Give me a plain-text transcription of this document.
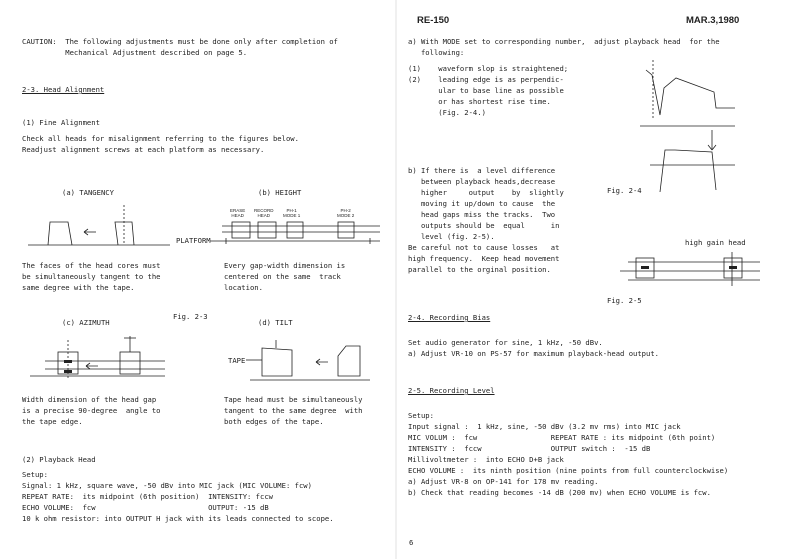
RE-150	MAR.3,1980
6
CAUTION:  The following adjustments must be done only after completion of
Mechanical Adjustment described on page 5.
2-3. Head Alignment
(1) Fine Alignment
Check all heads for misalignment referring to the figures below.
Readjust alignment screws at each platform as necessary.
(a) TANGENCY	(b) HEIGHT
ERASE
HEAD
RECORD
HEAD
PH-1
MODE 1
PH-2
MODE 2
PLATFORM
The faces of the head cores must
be simultaneously tangent to the
same degree with the tape.
Every gap-width dimension is
centered on the same  track
location.
Fig. 2-3
(c) AZIMUTH	(d) TILT
TAPE
Width dimension of the head gap
is a precise 90-degree  angle to
the tape edge.
Tape head must be simultaneously
tangent to the same degree  with
both edges of the tape.
(2) Playback Head
Setup:
Signal: 1 kHz, square wave, -50 dBv into MIC jack (MIC VOLUME: fcw)
REPEAT RATE:  its midpoint (6th position)  INTENSITY: fccw
ECHO VOLUME:  fcw                          OUTPUT: -15 dB
10 k ohm resistor: into OUTPUT H jack with its leads connected to scope.
a) With MODE set to corresponding number,  adjust playback head  for the
following:
(1)    waveform slop is straightened;
(2)    leading edge is as perpendic-
ular to base line as possible
or has shortest rise time.
(Fig. 2-4.)
b) If there is  a level difference
between playback heads,decrease
higher     output    by  slightly
moving it up/down to cause  the
head gaps miss the tracks.  Two
outputs should be  equal      in
level (fig. 2-5).
Be careful not to cause losses   at
high frequency.  Keep head movement
parallel to the orginal position.
Fig. 2-4
high gain head
Fig. 2-5
2-4. Recording Bias
Set audio generator for sine, 1 kHz, -50 dBv.
a) Adjust VR-10 on PS-57 for maximum playback-head output.
2-5. Recording Level
Setup:
Input signal :  1 kHz, sine, -50 dBv (3.2 mv rms) into MIC jack
MIC VOLUM :  fcw                 REPEAT RATE : its midpoint (6th point)
INTENSITY :  fccw                OUTPUT switch :  -15 dB
Millivoltmeter :  into ECHO D+B jack
ECHO VOLUME :  its ninth position (nine points from full counterclockwise)
a) Adjust VR-8 on OP-141 for 178 mv reading.
b) Check that reading becomes -14 dB (200 mv) when ECHO VOLUME is fcw.
